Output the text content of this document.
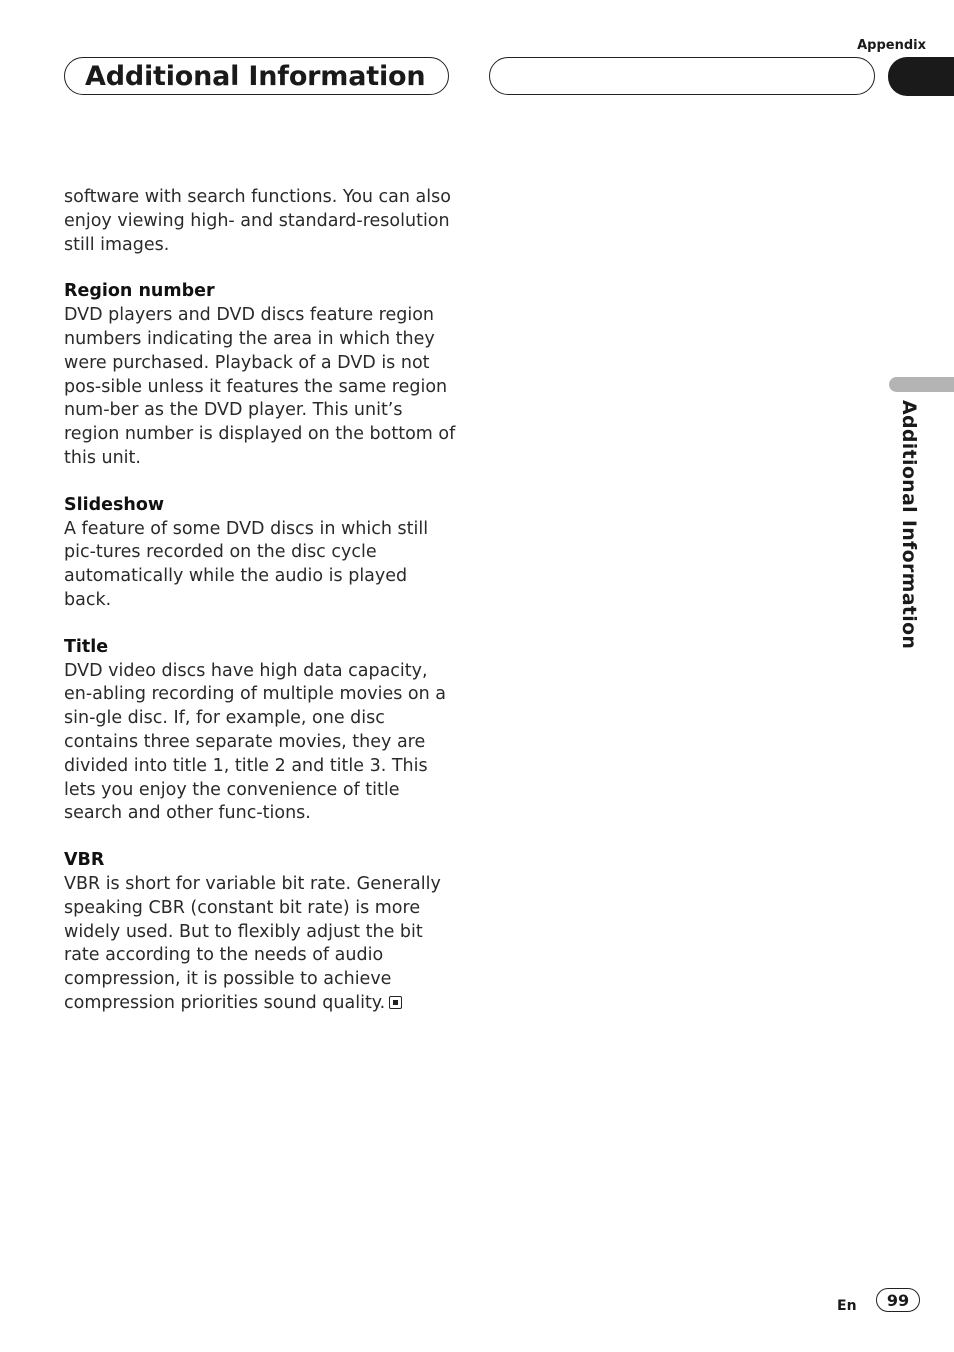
Appendix
Additional Information

software with search functions. You can also enjoy viewing high- and standard-resolution still images.

Region number

DVD players and DVD discs feature region numbers indicating the area in which they were purchased. Playback of a DVD is not pos-sible unless it features the same region num-ber as the DVD player. This unit’s region number is displayed on the bottom of this unit.

Slideshow

A feature of some DVD discs in which still pic-tures recorded on the disc cycle automatically while the audio is played back.

Title

DVD video discs have high data capacity, en-abling recording of multiple movies on a sin-gle disc. If, for example, one disc contains three separate movies, they are divided into title 1, title 2 and title 3. This lets you enjoy the convenience of title search and other func-tions.

VBR

VBR is short for variable bit rate. Generally speaking CBR (constant bit rate) is more widely used. But to flexibly adjust the bit rate according to the needs of audio compression, it is possible to achieve compression priorities sound quality.

Additional Information
En	99
